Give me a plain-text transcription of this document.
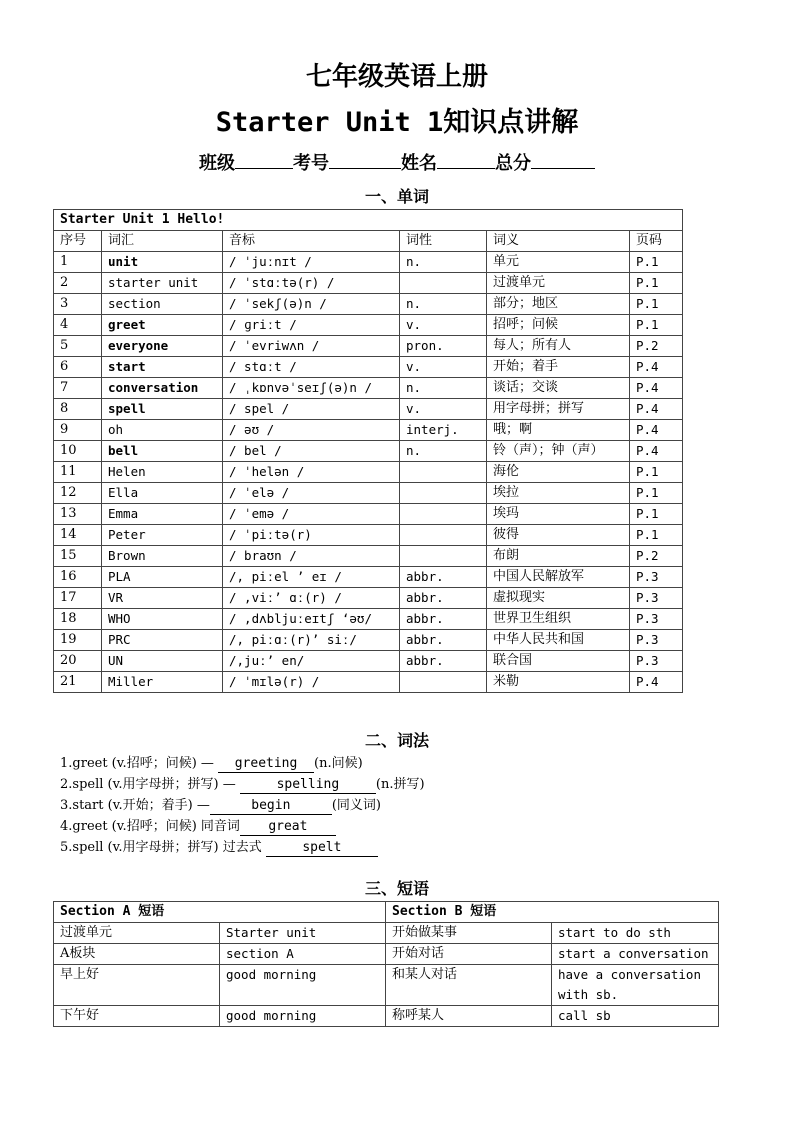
七年级英语上册
Starter Unit 1知识点讲解
班级	考号	姓名	总分
一、单词
Starter Unit 1 Hello!					
序号	词汇	音标	词性	词义	页码
1	unit	/ ˈjuːnɪt /	n.	单元	P.1
2	starter unit	/ ˈstɑːtə(r) /		过渡单元	P.1
3	section	/ ˈsekʃ(ə)n /	n.	部分；地区	P.1
4	greet	/ ɡriːt /	v.	招呼；问候	P.1
5	everyone	/ ˈevriwʌn /	pron.	每人；所有人	P.2
6	start	/ stɑːt /	v.	开始；着手	P.4
7	conversation	/ ˌkɒnvəˈseɪʃ(ə)n /	n.	谈话；交谈	P.4
8	spell	/ spel /	v.	用字母拼；拼写	P.4
9	oh	/ əʊ /	interj.	哦；啊	P.4
10	bell	/ bel /	n.	铃（声）；钟（声）	P.4
11	Helen	/ ˈhelən /		海伦	P.1
12	Ella	/ ˈelə /		埃拉	P.1
13	Emma	/ ˈemə /		埃玛	P.1
14	Peter	/ ˈpiːtə(r)		彼得	P.1
15	Brown	/ braʊn /		布朗	P.2
16	PLA	/, piːel ’ eɪ /	abbr.	中国人民解放军	P.3
17	VR	/ ,viː’ ɑː(r) /	abbr.	虚拟现实	P.3
18	WHO	/ ,dʌbljuːeɪtʃ ‘əʊ/	abbr.	世界卫生组织	P.3
19	PRC	/, piːɑː(r)’ siː/	abbr.	中华人民共和国	P.3
20	UN	/,juː’ en/	abbr.	联合国	P.3
21	Miller	/ ˈmɪlə(r) /		米勒	P.4
二、词法
1.greet (v.招呼；问候) — greeting (n.问候)
2.spell (v.用字母拼；拼写) —	spelling	(n.拼写)
3.start (v.开始；着手) —	begin	(同义词)
4.greet (v.招呼；问候) 同音词 great
5.spell (v.用字母拼；拼写) 过去式	spelt
三、短语
Section A 短语		Section B 短语	
过渡单元	Starter unit	开始做某事	start to do sth
A板块	section A	开始对话	start a conversation
早上好	good morning	和某人对话	have a conversation with sb.
下午好	good morning	称呼某人	call sb
